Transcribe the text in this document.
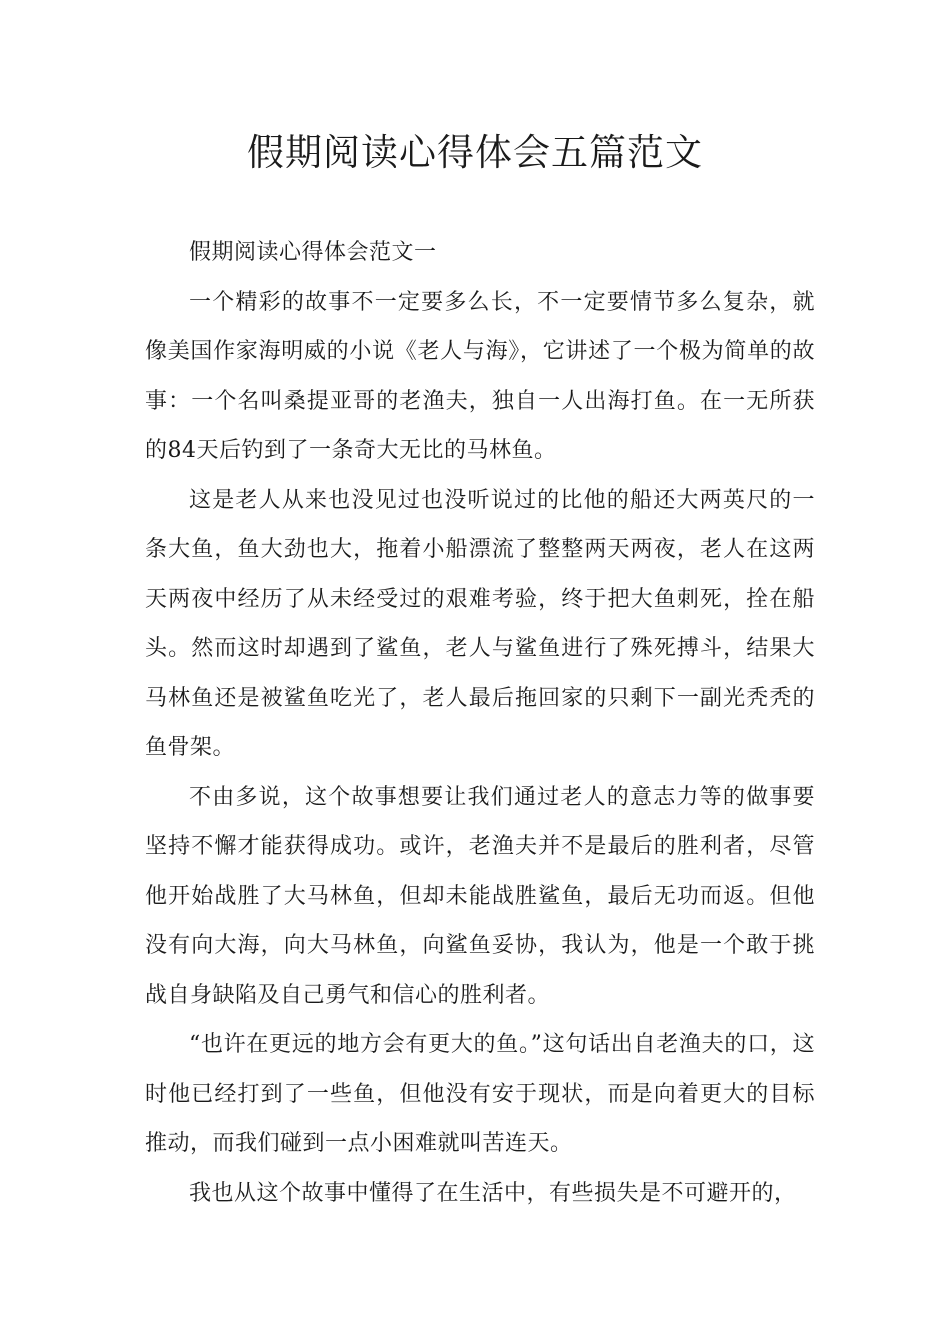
假期阅读心得体会五篇范文

假期阅读心得体会范文一

一个精彩的故事不一定要多么长，不一定要情节多么复杂，就像美国作家海明威的小说《老人与海》，它讲述了一个极为简单的故事：一个名叫桑提亚哥的老渔夫，独自一人出海打鱼。在一无所获的84天后钓到了一条奇大无比的马林鱼。

这是老人从来也没见过也没听说过的比他的船还大两英尺的一条大鱼，鱼大劲也大，拖着小船漂流了整整两天两夜，老人在这两天两夜中经历了从未经受过的艰难考验，终于把大鱼刺死，拴在船头。然而这时却遇到了鲨鱼，老人与鲨鱼进行了殊死搏斗，结果大马林鱼还是被鲨鱼吃光了，老人最后拖回家的只剩下一副光秃秃的鱼骨架。

不由多说，这个故事想要让我们通过老人的意志力等的做事要坚持不懈才能获得成功。或许，老渔夫并不是最后的胜利者，尽管他开始战胜了大马林鱼，但却未能战胜鲨鱼，最后无功而返。但他没有向大海，向大马林鱼，向鲨鱼妥协，我认为，他是一个敢于挑战自身缺陷及自己勇气和信心的胜利者。

“也许在更远的地方会有更大的鱼。”这句话出自老渔夫的口，这时他已经打到了一些鱼，但他没有安于现状，而是向着更大的目标推动，而我们碰到一点小困难就叫苦连天。

我也从这个故事中懂得了在生活中，有些损失是不可避开的，
